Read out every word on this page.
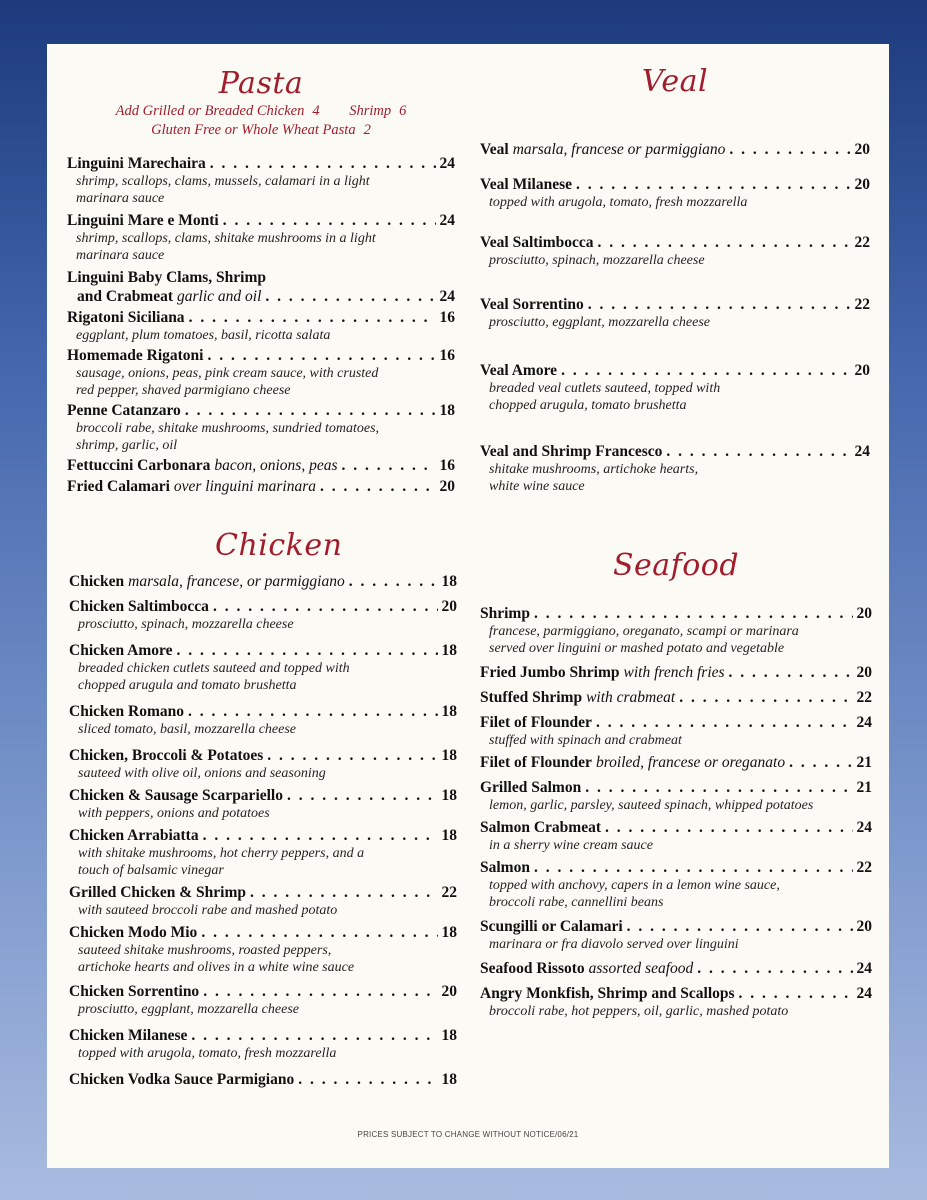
Pasta
Add Grilled or Breaded Chicken 4 Shrimp 6
Gluten Free or Whole Wheat Pasta 2
Linguini Marechaira . . .	24
shrimp, scallops, clams, mussels, calamari in a light
marinara sauce
Linguini Mare e Monti . . .	24
shrimp, scallops, clams, shitake mushrooms in a light
marinara sauce
Linguini Baby Clams, Shrimp
and Crabmeat garlic and oil . . .	24
Rigatoni Siciliana . . .	16
eggplant, plum tomatoes, basil, ricotta salata
Homemade Rigatoni . . .	16
sausage, onions, peas, pink cream sauce, with crusted
red pepper, shaved parmigiano cheese
Penne Catanzaro . . .	18
broccoli rabe, shitake mushrooms, sundried tomatoes,
shrimp, garlic, oil
Fettuccini Carbonara bacon, onions, peas . . .	16
Fried Calamari over linguini marinara . . .	20
Chicken
Chicken marsala, francese, or parmiggiano . . .	18
Chicken Saltimbocca . . .	20
prosciutto, spinach, mozzarella cheese
Chicken Amore . . .	18
breaded chicken cutlets sauteed and topped with
chopped arugula and tomato brushetta
Chicken Romano . . .	18
sliced tomato, basil, mozzarella cheese
Chicken, Broccoli & Potatoes . . .	18
sauteed with olive oil, onions and seasoning
Chicken & Sausage Scarpariello . . .	18
with peppers, onions and potatoes
Chicken Arrabiatta . . .	18
with shitake mushrooms, hot cherry peppers, and a
touch of balsamic vinegar
Grilled Chicken & Shrimp . . .	22
with sauteed broccoli rabe and mashed potato
Chicken Modo Mio . . .	18
sauteed shitake mushrooms, roasted peppers,
artichoke hearts and olives in a white wine sauce
Chicken Sorrentino . . .	20
prosciutto, eggplant, mozzarella cheese
Chicken Milanese . . .	18
topped with arugola, tomato, fresh mozzarella
Chicken Vodka Sauce Parmigiano . . .	18
Veal
Veal marsala, francese or parmiggiano . . .	20
Veal Milanese . . .	20
topped with arugola, tomato, fresh mozzarella
Veal Saltimbocca . . .	22
prosciutto, spinach, mozzarella cheese
Veal Sorrentino . . .	22
prosciutto, eggplant, mozzarella cheese
Veal Amore . . .	20
breaded veal cutlets sauteed, topped with
chopped arugula, tomato brushetta
Veal and Shrimp Francesco . . .	24
shitake mushrooms, artichoke hearts,
white wine sauce
Seafood
Shrimp . . .	20
francese, parmiggiano, oreganato, scampi or marinara
served over linguini or mashed potato and vegetable
Fried Jumbo Shrimp with french fries . . .	20
Stuffed Shrimp with crabmeat . . .	22
Filet of Flounder . . .	24
stuffed with spinach and crabmeat
Filet of Flounder broiled, francese or oreganato . . .	21
Grilled Salmon . . .	21
lemon, garlic, parsley, sauteed spinach, whipped potatoes
Salmon Crabmeat . . .	24
in a sherry wine cream sauce
Salmon . . .	22
topped with anchovy, capers in a lemon wine sauce,
broccoli rabe, cannellini beans
Scungilli or Calamari . . .	20
marinara or fra diavolo served over linguini
Seafood Rissoto assorted seafood . . .	24
Angry Monkfish, Shrimp and Scallops . . .	24
broccoli rabe, hot peppers, oil, garlic, mashed potato
PRICES SUBJECT TO CHANGE WITHOUT NOTICE/06/21
